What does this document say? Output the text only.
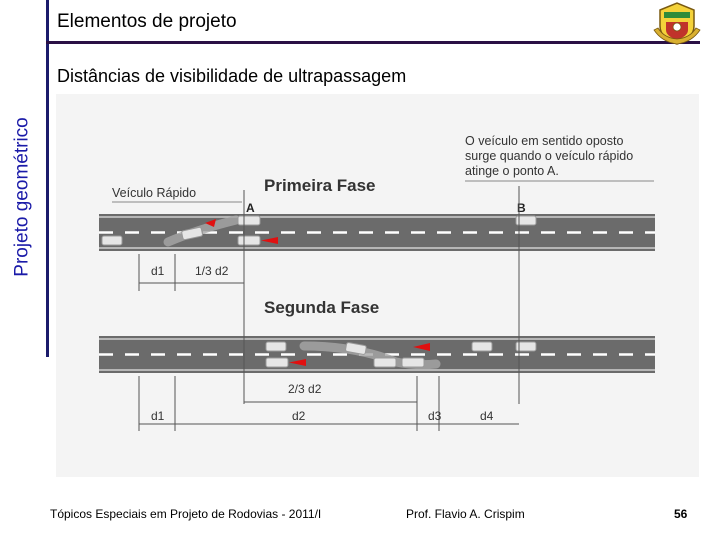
Projeto geométrico
Elementos de projeto
Distâncias de visibilidade de ultrapassagem
O veículo em sentido oposto
surge quando o veículo rápido
atinge o ponto A.
Veículo Rápido	Primeira Fase
Segunda Fase
A	B
d1	1/3 d2
2/3 d2
d1	d2	d3	d4
Tópicos Especiais em Projeto de Rodovias - 2011/I	Prof. Flavio A. Crispim	56
